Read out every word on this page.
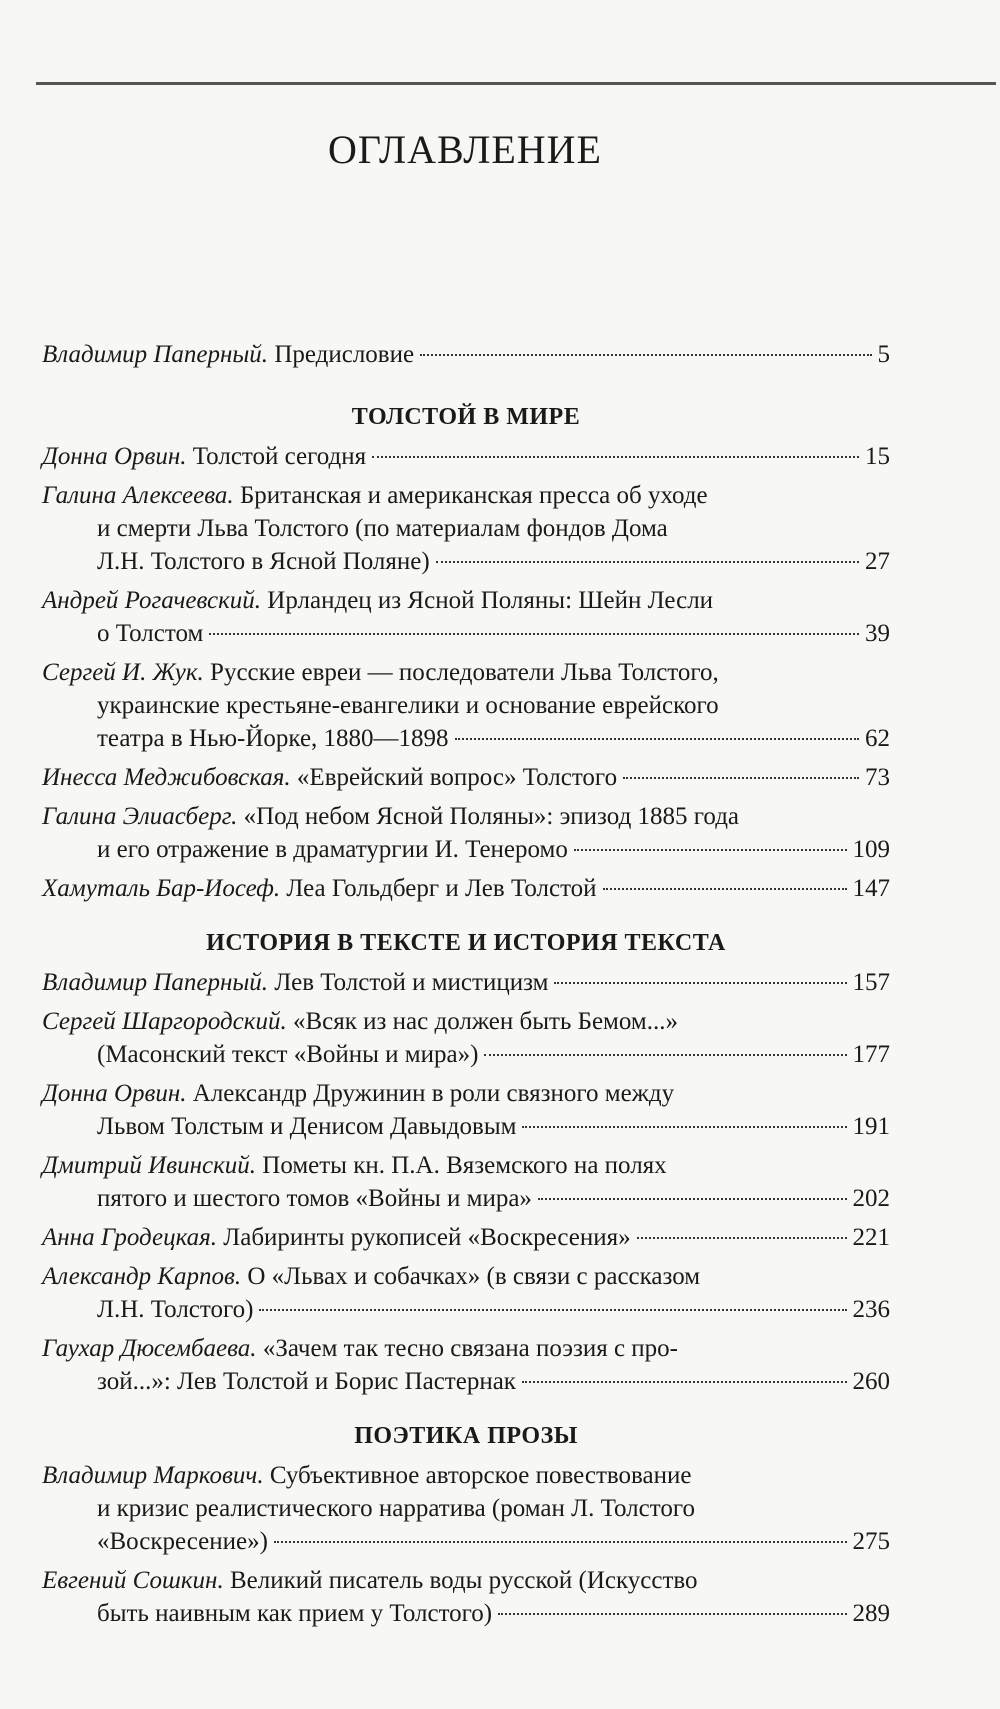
ОГЛАВЛЕНИЕ
Владимир Паперный.
Предисловие	5
ТОЛСТОЙ В МИРЕ
Донна Орвин.
Толстой сегодня	15
Галина Алексеева.
Британская и американская пресса об уходе
и смерти Льва Толстого (по материалам фондов Дома
Л.Н. Толстого в Ясной Поляне)	27
Андрей Рогачевский.
Ирландец из Ясной Поляны: Шейн Лесли
о Толстом	39
Сергей И. Жук.
Русские евреи — последователи Льва Толстого,
украинские крестьяне-евангелики и основание еврейского
театра в Нью-Йорке, 1880—1898	62
Инесса Меджибовская.
«Еврейский вопрос» Толстого	73
Галина Элиасберг.
«Под небом Ясной Поляны»: эпизод 1885 года
и его отражение в драматургии И. Тенеромо	109
Хамуталь Бар-Иосеф.
Леа Гольдберг и Лев Толстой	147
ИСТОРИЯ В ТЕКСТЕ И ИСТОРИЯ ТЕКСТА
Владимир Паперный.
Лев Толстой и мистицизм	157
Сергей Шаргородский.
«Всяк из нас должен быть Бемом...»
(Масонский текст «Войны и мира»)	177
Донна Орвин.
Александр Дружинин в роли связного между
Львом Толстым и Денисом Давыдовым	191
Дмитрий Ивинский.
Пометы кн. П.А. Вяземского на полях
пятого и шестого томов «Войны и мира»	202
Анна Гродецкая.
Лабиринты рукописей «Воскресения»	221
Александр Карпов.
О «Львах и собачках» (в связи с рассказом
Л.Н. Толстого)	236
Гаухар Дюсембаева.
«Зачем так тесно связана поэзия с про-
зой...»: Лев Толстой и Борис Пастернак	260
ПОЭТИКА ПРОЗЫ
Владимир Маркович.
Субъективное авторское повествование
и кризис реалистического нарратива (роман Л. Толстого
«Воскресение»)	275
Евгений Сошкин.
Великий писатель воды русской (Искусство
быть наивным как прием у Толстого)	289
